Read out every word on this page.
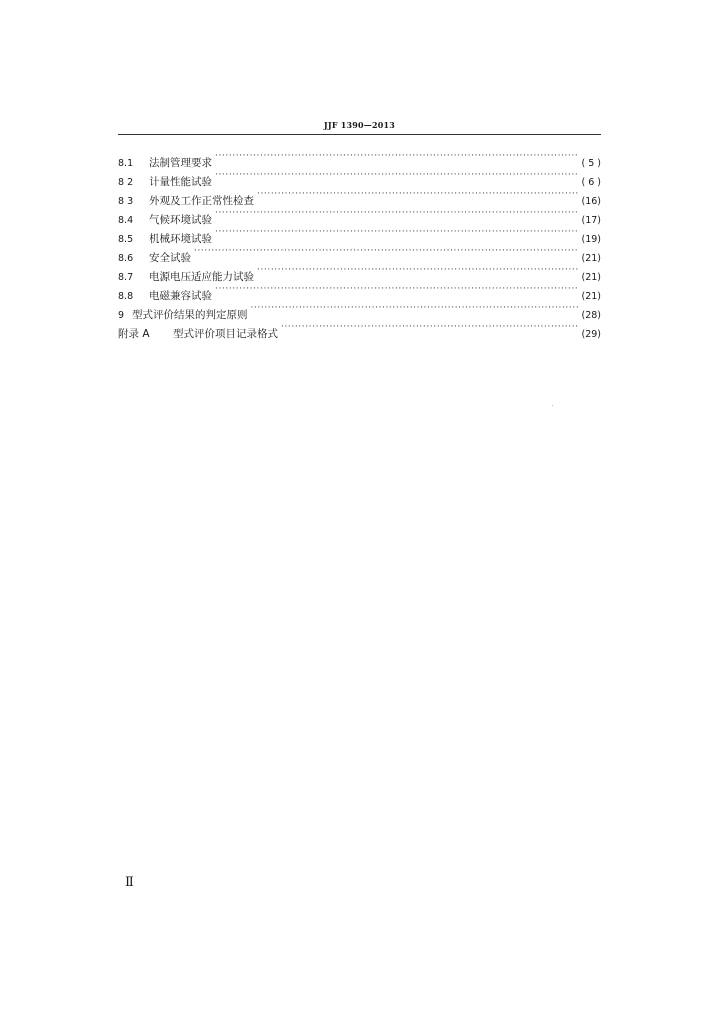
JJF 1390—2013
8.1	法制管理要求 ·····	( 5 )
8 2	计量性能试验 ·····	( 6 )
8 3	外观及工作正常性检查 ·····	(16)
8.4	气候环境试验 ·····	(17)
8.5	机械环境试验 ·····	(19)
8.6	安全试验 ·····	(21)
8.7	电源电压适应能力试验 ·····	(21)
8.8	电磁兼容试验 ·····	(21)
9 型式评价结果的判定原则 ·····	(28)
附录 A	型式评价项目记录格式 ·····	(29)
Ⅱ
